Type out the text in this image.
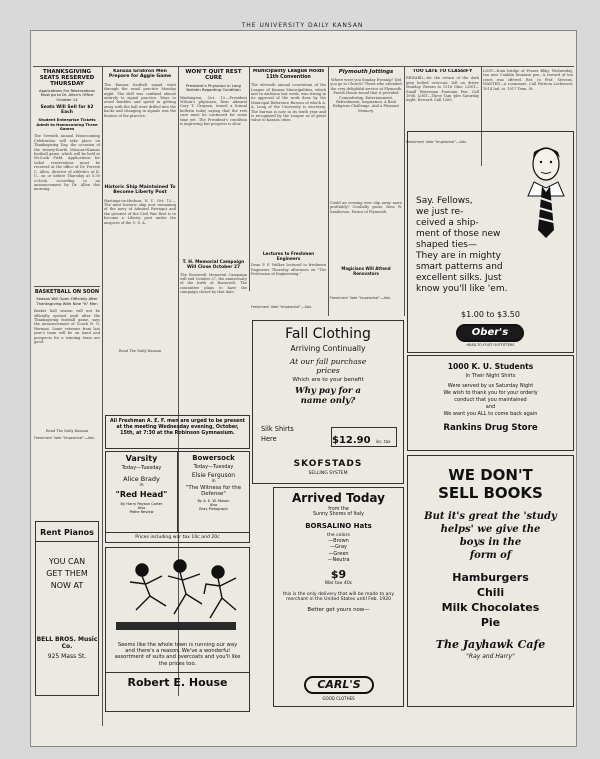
THE UNIVERSITY DAILY KANSAN
THANKSGIVING SEATS RESERVED THURSDAY
Applications For Reservations Must go to Dr. Allen's Office October 14
Seats Will Sell for $2 Each
Student Enterprise Tickets Admit to Homecoming Three Games
The Seventh Annual Homecoming Celebration will take place on Thanksgiving Day, the occasion of the twenty-fourth Missouri-Kansas football game, which will be held at McCook Field. Applications for ticket reservations must be received at the office of Dr. Forrest C. Allen, director of athletics at K. U., on or before Thursday at 5:30 o'clock, according to an announcement by Dr. Allen this morning.
BASKETBALL ON SOON
Season Will Open Officially After Thanksgiving With Nine "K" Men
Basket ball season will not be officially opened until after the Thanksgiving football game, says the announcement of Coach R. G. Herman. Some veterans from last year's team will be on hand and prospects for a winning team are good.
Read The Daily Kansan
Freshmen! Vote "Impeachal"—Adv.
Rent Pianos
YOU CAN
GET THEM
NOW AT
BELL BROS. Music Co.
925 Mass St.
Kansas Gridiron Men Prepare for Aggie Game
The Kansas football squad went through the usual practice Monday night. The drill was confined almost entirely to signal practice. Ways to avoid fumbles and speed in getting away with the ball were drilled into the backs and changing in signals was the feature of the practice.
Historic Ship Maintained To Become Liberty Post
Hastings-on-Hudson, N. Y., Oct. 13.—The most historic ship now remaining of the navy of Admiral Farragut and the greatest of the Civil War fleet is to become a Liberty post under the auspices of the U. S. A.
Read The Daily Kansan
WON'T QUIT REST CURE
President's Physician in Long Bulletin Regarding Condition
Washington, Oct. 13.—President Wilson's physician, Rear Admiral Cary T. Grayson, issued a formal bulletin today saying that the rest cure must be continued for some time yet. The President's condition is improving but progress is slow.
T. H. Memorial Campaign Will Close October 27
The Roosevelt Memorial Campaign will end October 27, the anniversary of the birth of Roosevelt. The committee plans to have the campaign closed by that date.
All Freshman A. E. F. men are urged to be present at the meeting Wednesday evening, October, 15th, at 7:30 at the Robinson Gymnasium.
Varsity
Today—Tuesday
Alice Brady
in
"Red Head"
By Harry Payson Carter
Also
Pathe Review
Bowersock
Today—Tuesday
Elsie Ferguson
in
"The Witness for the Defense"
By A. E. W. Mason
Also
Bray Pictograph
Prices including war tax 10c and 20c
Seems like the whole town is running our way and there's a reason. We've a wonderful assortment of suits and overcoats and you'll like the prices too.
Robert E. House
Municipality League Holds 11th Convention
The eleventh annual convention of the League of Kansas Municipalities, which met in Atchison last week, was strong in its approval of the work done by the Municipal Reference Bureau of which A. A. Long of the University is secretary. The bureau is now in its tenth year and is recognized by the League as of great value to Kansas cities.
Lectures to Freshmen Engineers
Dean P. F. Walker lectured to freshmen Engineers Thursday afternoon on "The Profession of Engineering."
Freshmen! Vote "Impeachal"—Adv.
Plymouth Jottings
Where were you Sunday Evening? Did you go to Church? Those who attended the very delightful service at Plymouth Parish House found that it provided Comradeship, Entertainment, Refreshment, Inspiration. A Real Religious Challenge. And a Pleasant Memory.
Could an evening ever slip away more profitably? Cordially yours, Ross W. Sanderson, Pastor of Plymouth.
Magicians Will Attend Renovators
Freshmen! Vote "Impeachal"—Adv.
TOO LATE TO CLASSIFY
REWARD—for the return of the dark grey belted overcoat, left on driver Monday. Return to 1316 Ohio. LOST—Small Waterman Fountain Pen. Call 1906. LOST—Three Tam 'ples Saturday night. Reward. Call 1365.
Freshmen! Vote "Impeachal"—Adv.
LOST—from bridge of Fraser Bldg, Wednesday, tan new Conklin fountain pen. A reward of ten cents was offered. Ret. to Prof. Stevens. WANTED—A roommate. Call Patricia Lockwood, 1014 Ind. st. 1017 Tenn. St.
Say. Fellows,
we just re-
ceived a ship-
ment of those new
shaped ties—
They are in mighty
smart patterns and
excellent silks. Just
know you'll like 'em.
$1.00 to $3.50
Ober's
HEAD-TO-FOOT OUTFITTERS
1000 K. U. Students
In Their Night Shirts
Were served by us Saturday Night
We wish to thank you for your orderly
conduct that you maintained
and
We want you ALL to come back again
Rankins Drug Store
WE DON'T
SELL BOOKS
But it's great the 'study
helps' we give the
boys in the
form of
Hamburgers
Chili
Milk Chocolates
Pie
The Jayhawk Cafe
"Ray and Harry"
Fall Clothing
Arriving Continually
At our fall purchase
prices
Which are to your benefit
Why pay for a
name only?
Silk Shirts
Here	$12.90 inc. tax
SKOFSTADS
SELLING SYSTEM
Arrived Today
from the
Sunny Shores of Italy
BORSALINO Hats
the colors
—Brown
—Gray
—Green
—Neutra
$9
War tax 40c
this is the only delivery that will be made to any merchant in the United States until Feb. 1920
Better get yours now—
CARL'S
GOOD CLOTHES
